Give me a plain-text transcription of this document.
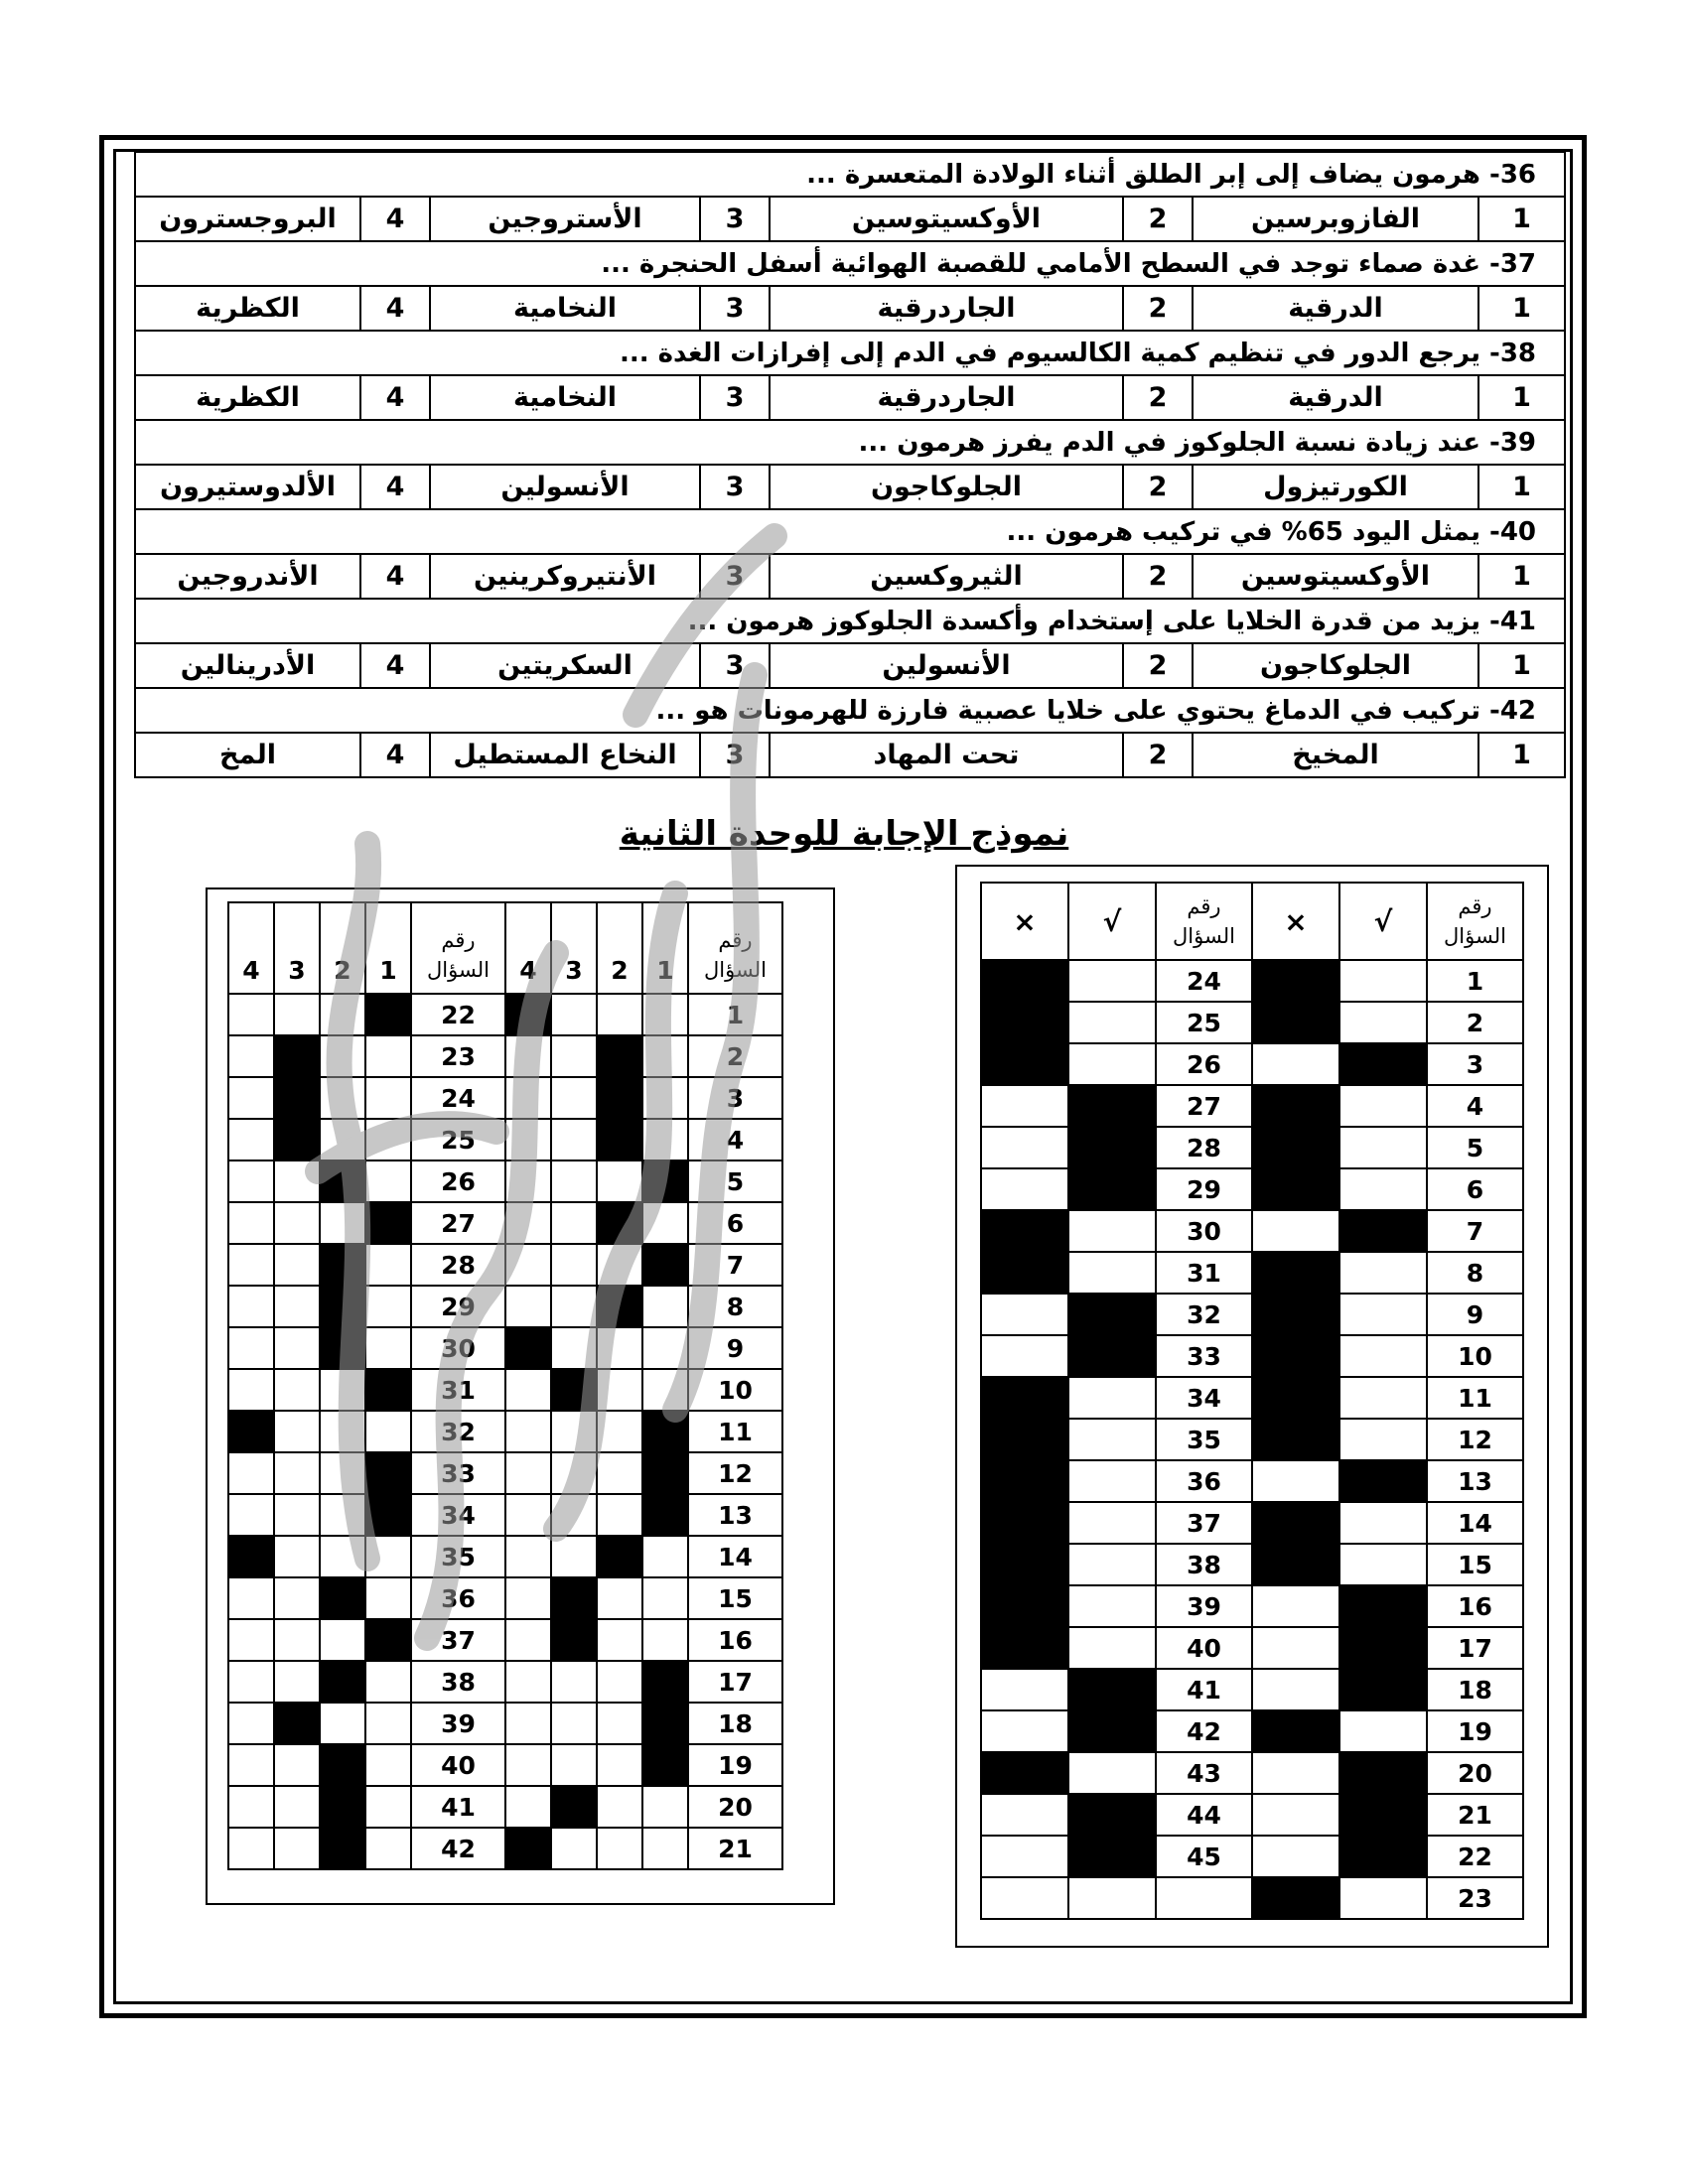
36- هرمون يضاف إلى إبر الطلق أثناء الولادة المتعسرة ...							
1	الفازوبرسين	2	الأوكسيتوسين	3	الأستروجين	4	البروجسترون
37- غدة صماء توجد في السطح الأمامي للقصبة الهوائية أسفل الحنجرة ...							
1	الدرقية	2	الجاردرقية	3	النخامية	4	الكظرية
38- يرجع الدور في تنظيم كمية الكالسيوم في الدم إلى إفرازات الغدة ...							
1	الدرقية	2	الجاردرقية	3	النخامية	4	الكظرية
39- عند زيادة نسبة الجلوكوز في الدم يفرز هرمون ...							
1	الكورتيزول	2	الجلوكاجون	3	الأنسولين	4	الألدوستيرون
40- يمثل اليود 65% في تركيب هرمون ...							
1	الأوكسيتوسين	2	الثيروكسين	3	الأنتيروكرينين	4	الأندروجين
41- يزيد من قدرة الخلايا على إستخدام وأكسدة الجلوكوز هرمون ...							
1	الجلوكاجون	2	الأنسولين	3	السكريتين	4	الأدرينالين
42- تركيب في الدماغ يحتوي على خلايا عصبية فارزة للهرمونات هو ...							
1	المخيخ	2	تحت المهاد	3	النخاع المستطيل	4	المخ
نموذج الإجابة للوحدة الثانية
رقم
السؤال	1	2	3	4	رقم
السؤال	1	2	3	4
1					22				
2					23				
3					24				
4					25				
5					26				
6					27				
7					28				
8					29				
9					30				
10					31				
11					32				
12					33				
13					34				
14					35				
15					36				
16					37				
17					38				
18					39				
19					40				
20					41				
21					42				
رقم
السؤال	√	×	رقم
السؤال	√	×
1			24		
2			25		
3			26		
4			27		
5			28		
6			29		
7			30		
8			31		
9			32		
10			33		
11			34		
12			35		
13			36		
14			37		
15			38		
16			39		
17			40		
18			41		
19			42		
20			43		
21			44		
22			45		
23					
